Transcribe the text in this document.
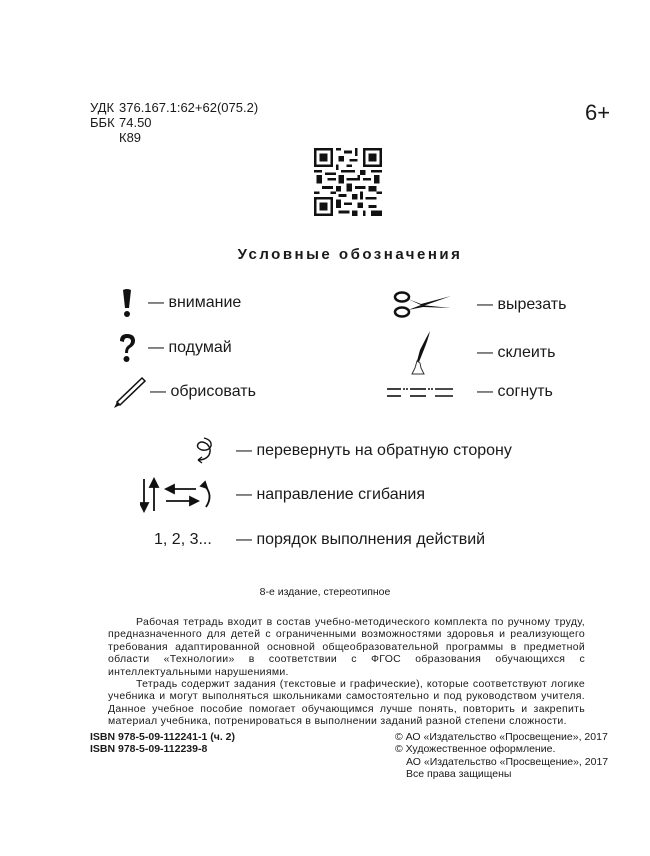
УДК 376.167.1:62+62(075.2)
ББК 74.50
К89
6+
Условные обозначения
— внимание
— подумай
— обрисовать
— вырезать
— склеить
— согнуть
— перевернуть на обратную сторону
— направление сгибания
1, 2, 3...	— порядок выполнения действий
8-е издание, стереотипное

Рабочая тетрадь входит в состав учебно-методического комплекта по ручному труду, предназначенного для детей с ограниченными возможностями здоровья и реализующего требования адаптированной основной общеобразовательной программы в предметной области «Технологии» в соответствии с ФГОС образования обучающихся с интеллектуальными нарушениями.

Тетрадь содержит задания (текстовые и графические), которые соответствуют логике учебника и могут выполняться школьниками самостоятельно и под руководством учителя. Данное учебное пособие помогает обучающимся лучше понять, повторить и закрепить материал учебника, потренироваться в выполнении заданий разной степени сложности.

ISBN 978-5-09-112241-1 (ч. 2)
ISBN 978-5-09-112239-8
© АО «Издательство «Просвещение», 2017
© Художественное оформление.
АО «Издательство «Просвещение», 2017
Все права защищены
